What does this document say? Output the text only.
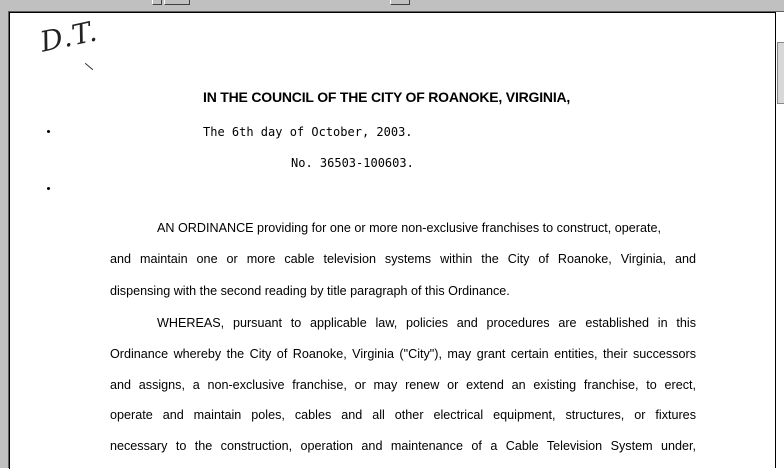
D.T.
IN THE COUNCIL OF THE CITY OF ROANOKE, VIRGINIA,
The 6th day of October, 2003.
No. 36503-100603.
AN ORDINANCE providing for one or more non-exclusive franchises to construct, operate,
and maintain one or more cable television systems within the City of Roanoke, Virginia, and
dispensing with the second reading by title paragraph of this Ordinance.
WHEREAS, pursuant to applicable law, policies and procedures are established in this
Ordinance whereby the City of Roanoke, Virginia ("City"), may grant certain entities, their successors
and assigns, a non-exclusive franchise, or may renew or extend an existing franchise, to erect,
operate and maintain poles, cables and all other electrical equipment, structures, or fixtures
necessary to the construction, operation and maintenance of a Cable Television System under,
